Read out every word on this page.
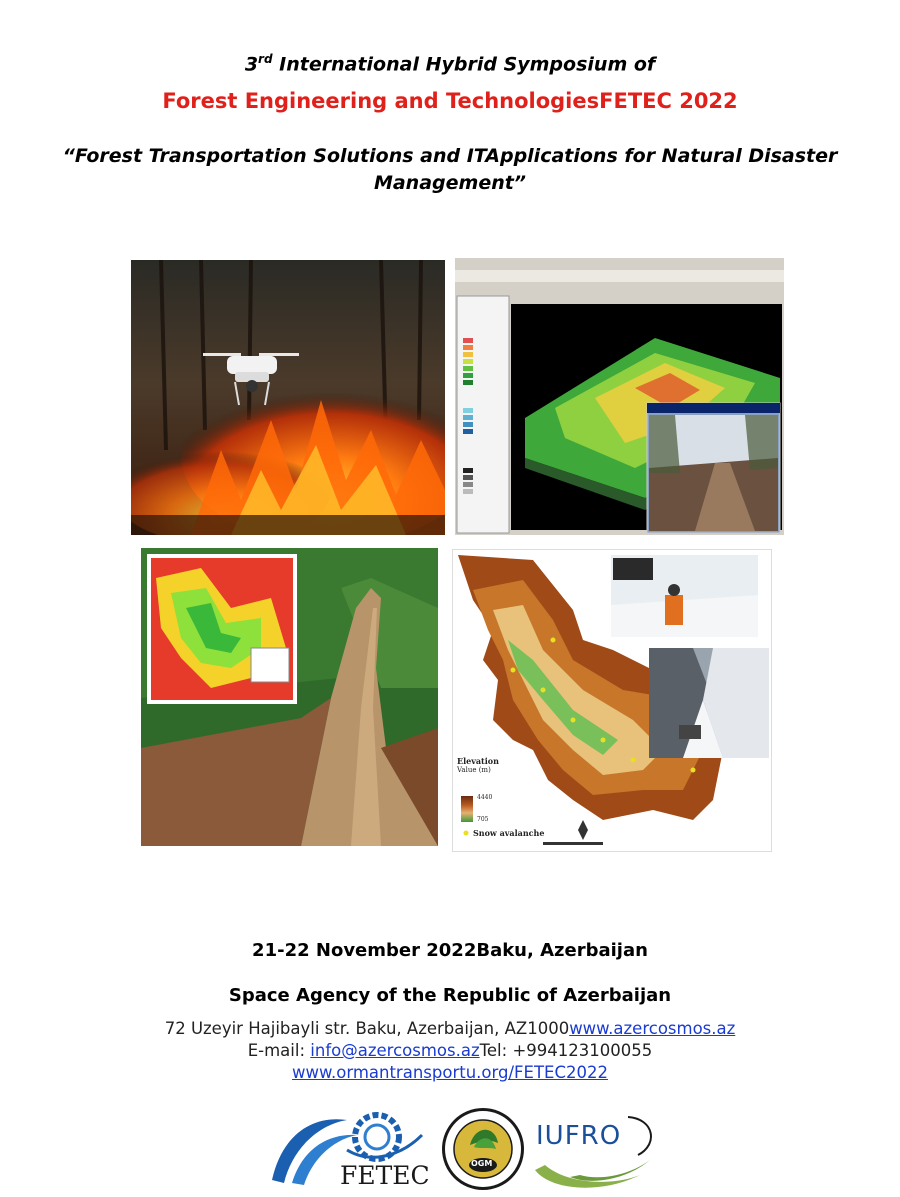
3rd International Hybrid Symposium of
Forest Engineering and TechnologiesFETEC 2022
“Forest Transportation Solutions and ITApplications for Natural Disaster Management”
Elevation
Value (m)
4440
705
Snow avalanche
21-22 November 2022Baku, Azerbaijan
Space Agency of the Republic of Azerbaijan
72 Uzeyir Hajibayli str. Baku, Azerbaijan, AZ1000www.azercosmos.az
E-mail: info@azercosmos.azTel: +994123100055
www.ormantransportu.org/FETEC2022
FETEC	OGM
IUFRO
